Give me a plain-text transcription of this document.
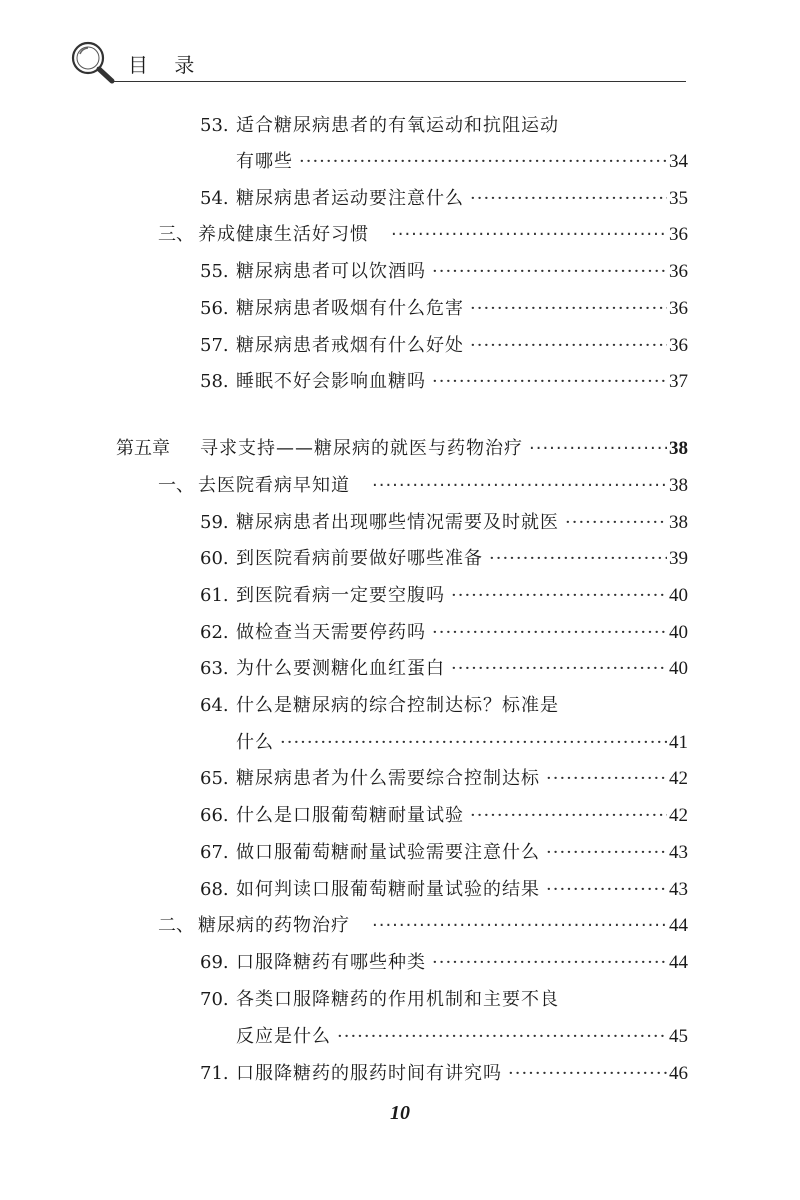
目 录
53. 适合糖尿病患者的有氧运动和抗阻运动
有哪些 ·····	34
54. 糖尿病患者运动要注意什么 ·····	35
三、 养成健康生活好习惯 ·····	36
55. 糖尿病患者可以饮酒吗 ·····	36
56. 糖尿病患者吸烟有什么危害 ·····	36
57. 糖尿病患者戒烟有什么好处 ·····	36
58. 睡眠不好会影响血糖吗 ·····	37
第五章	寻求支持——糖尿病的就医与药物治疗 ·····	38
一、 去医院看病早知道 ·····	38
59. 糖尿病患者出现哪些情况需要及时就医 ·····	38
60. 到医院看病前要做好哪些准备 ·····	39
61. 到医院看病一定要空腹吗 ·····	40
62. 做检查当天需要停药吗 ·····	40
63. 为什么要测糖化血红蛋白 ·····	40
64. 什么是糖尿病的综合控制达标？标准是
什么 ·····	41
65. 糖尿病患者为什么需要综合控制达标 ·····	42
66. 什么是口服葡萄糖耐量试验 ·····	42
67. 做口服葡萄糖耐量试验需要注意什么 ·····	43
68. 如何判读口服葡萄糖耐量试验的结果 ·····	43
二、 糖尿病的药物治疗 ·····	44
69. 口服降糖药有哪些种类 ·····	44
70. 各类口服降糖药的作用机制和主要不良
反应是什么 ·····	45
71. 口服降糖药的服药时间有讲究吗 ·····	46
10
